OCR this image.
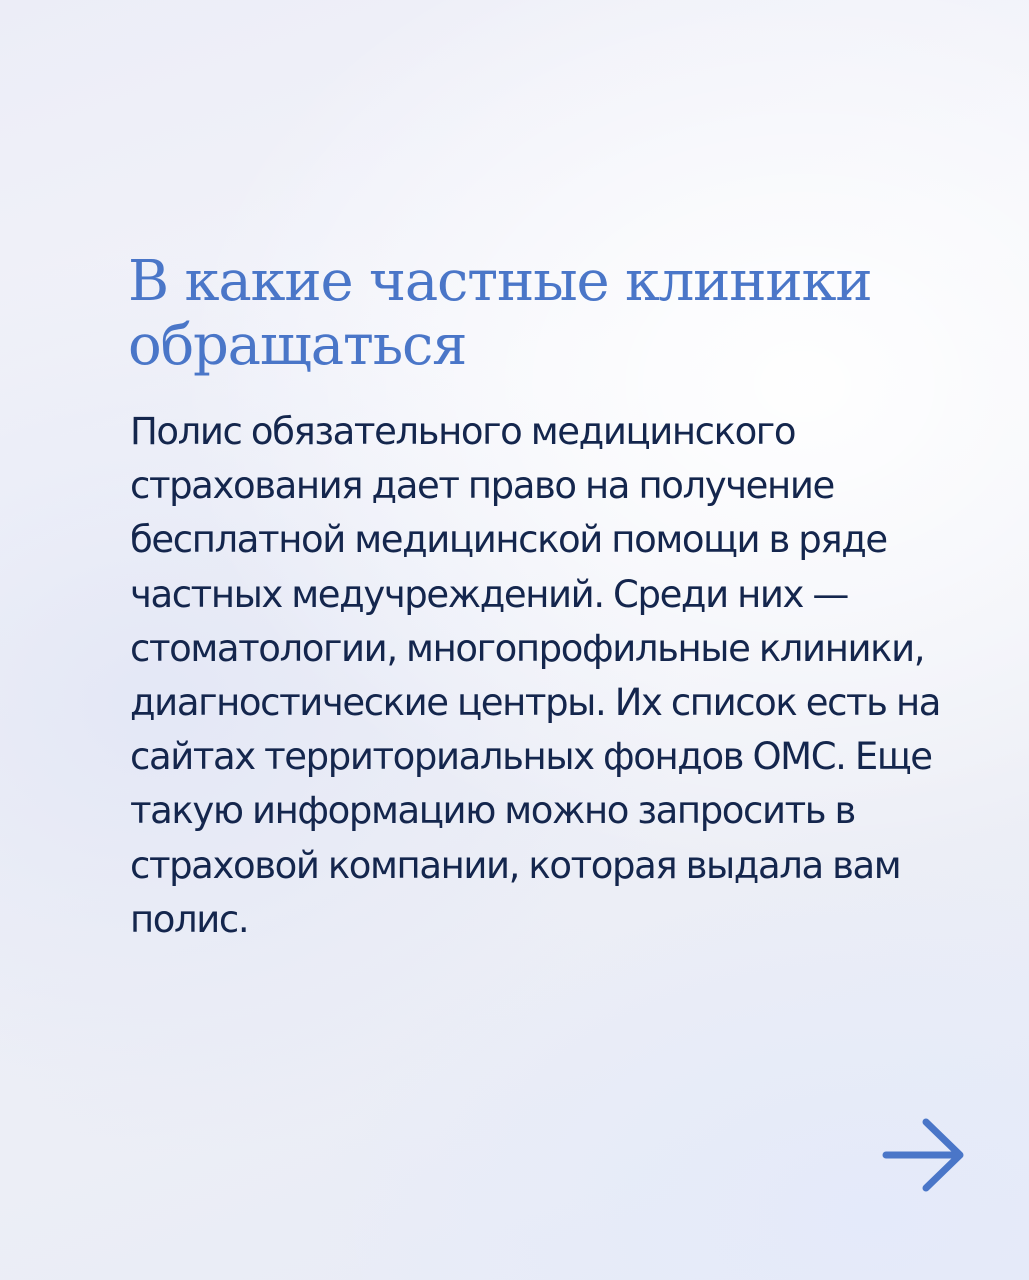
В какие частные клиники обращаться

Полис обязательного медицинского страхования дает право на получение бесплатной медицинской помощи в ряде частных медучреждений. Среди них — стоматологии, многопрофильные клиники, диагностические центры. Их список есть на сайтах территориальных фондов ОМС. Еще такую информацию можно запросить в страховой компании, которая выдала вам полис.
